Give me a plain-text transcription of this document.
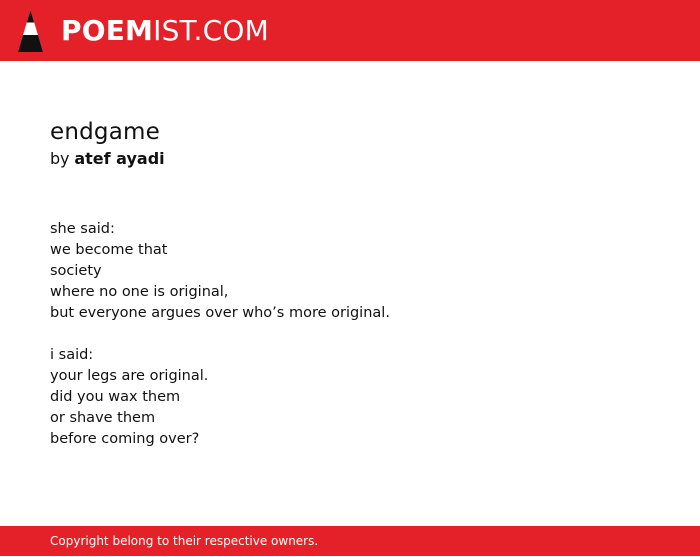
POEMIST.COM
endgame
by atef ayadi
she said:
we become that
society
where no one is original,
but everyone argues over who’s more original.
i said:
your legs are original.
did you wax them
or shave them
before coming over?
Copyright belong to their respective owners.
